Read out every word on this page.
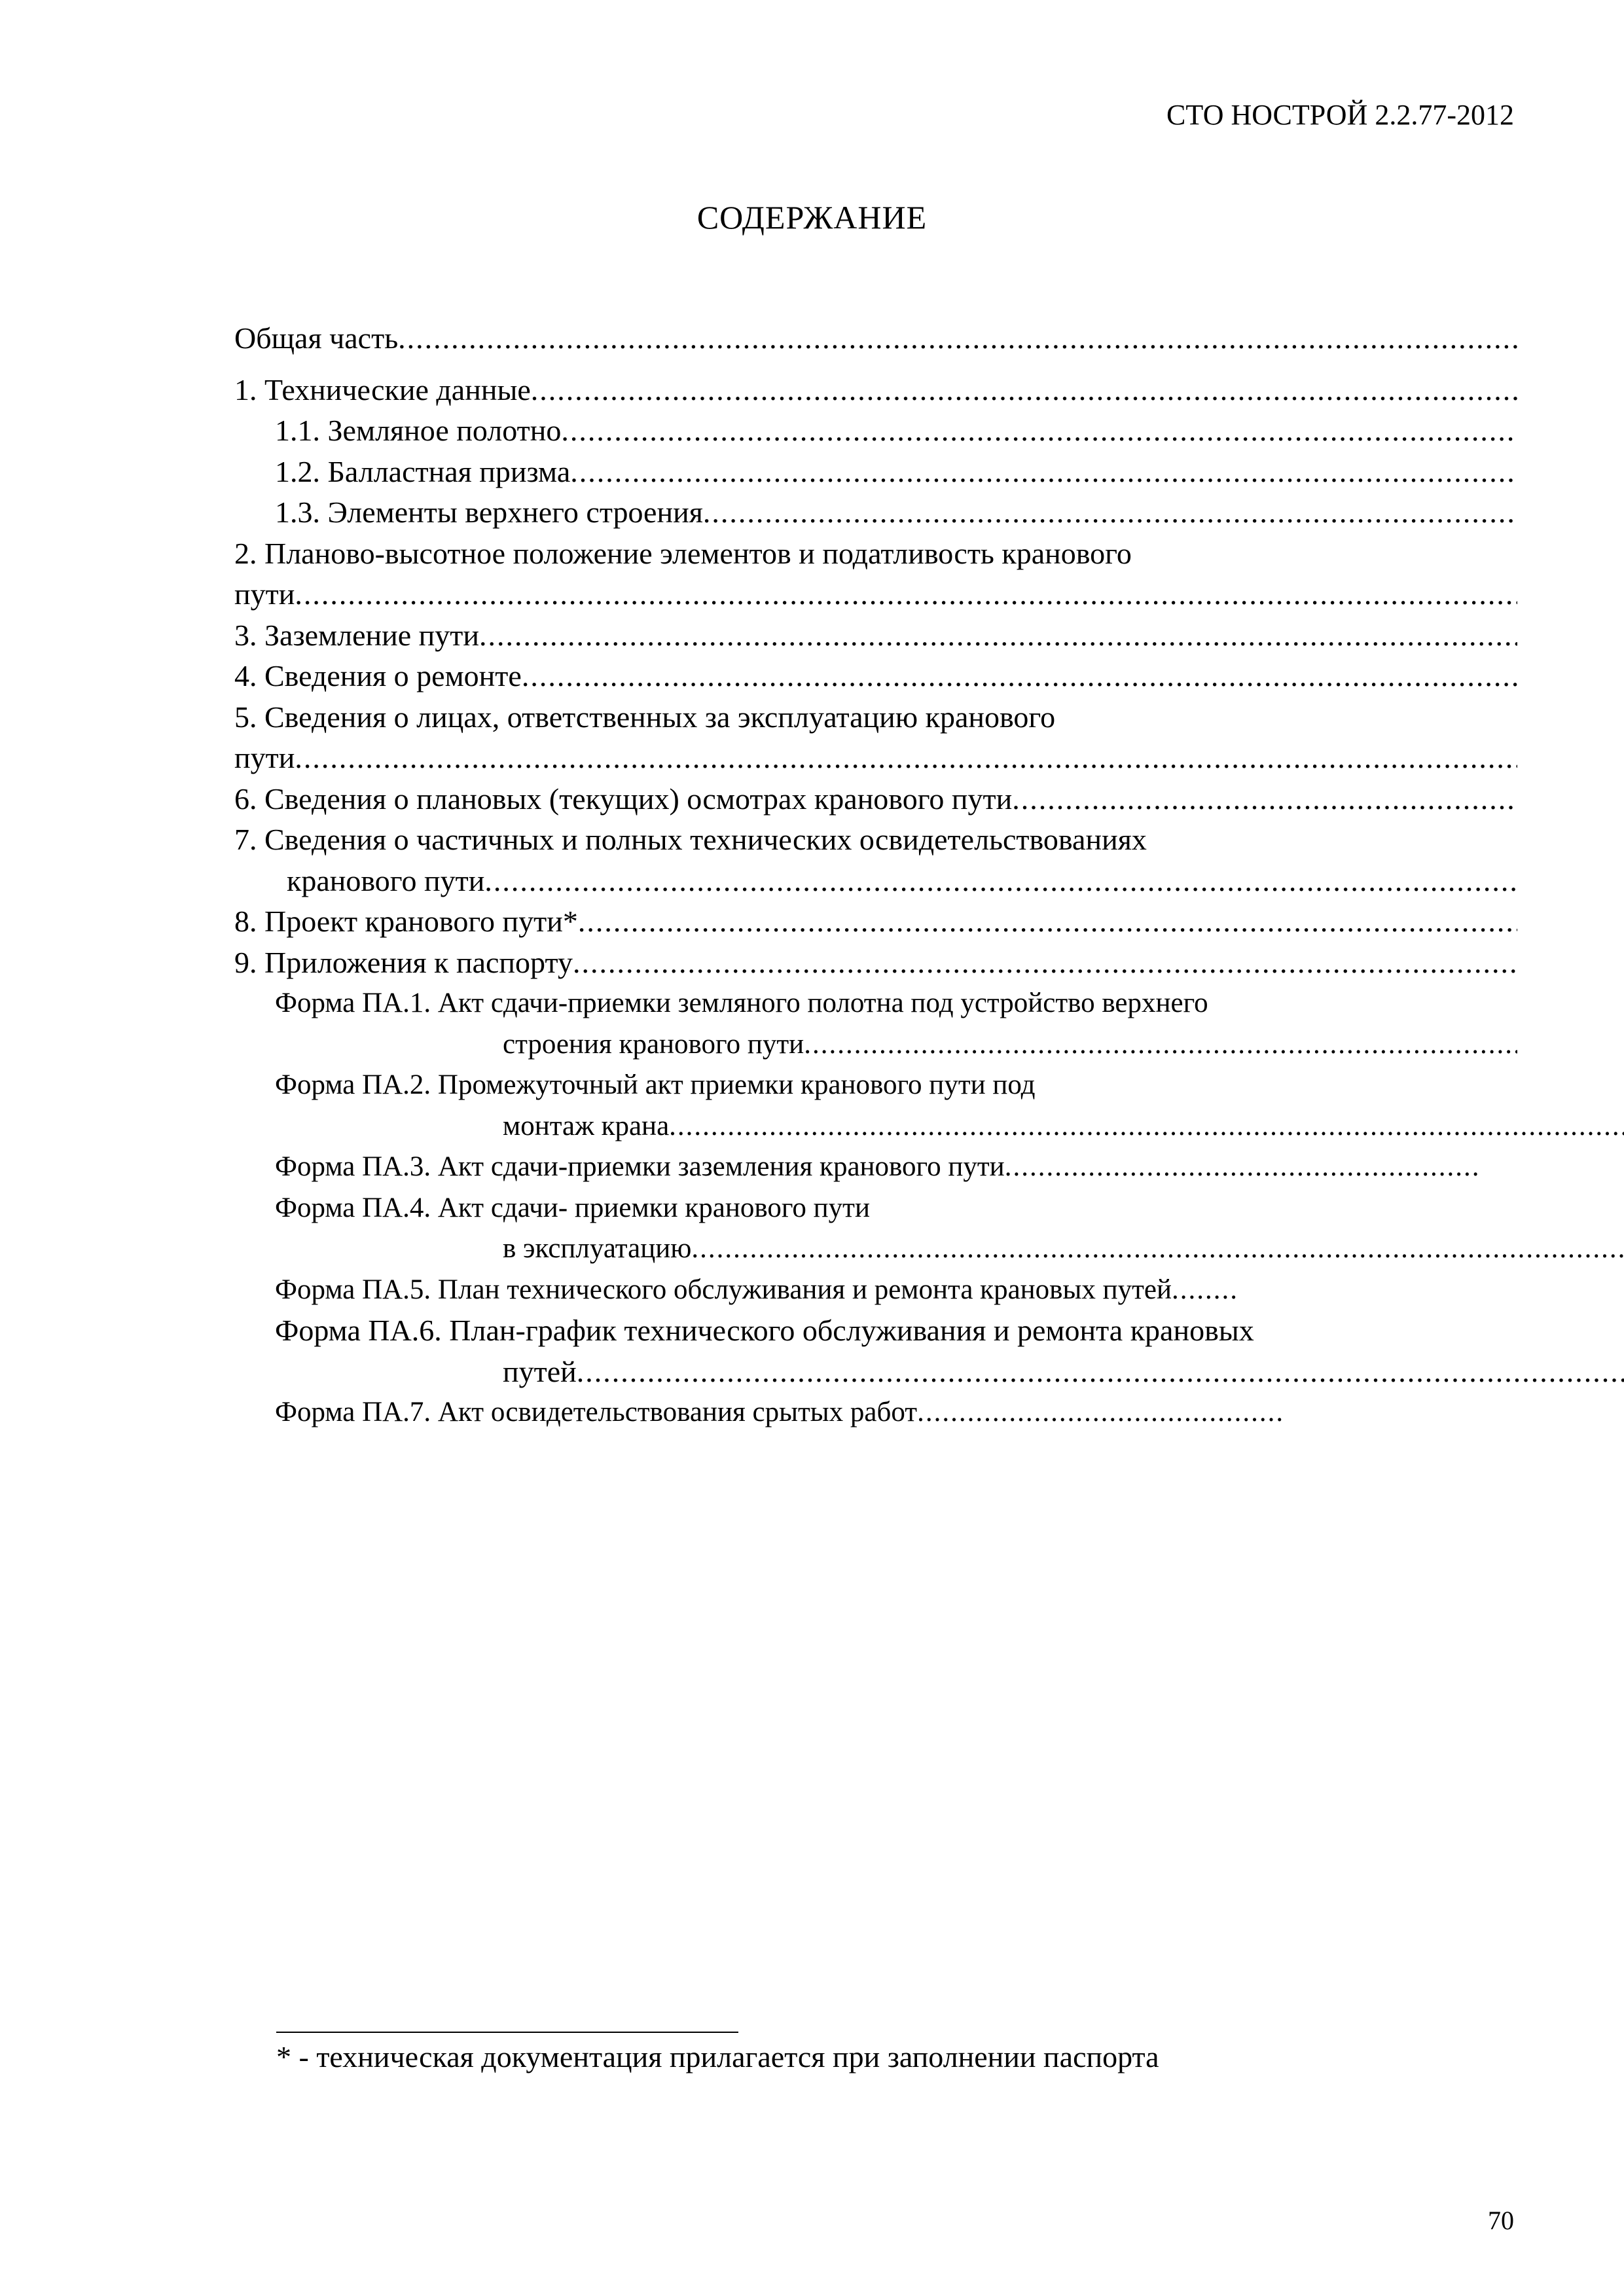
СТО НОСТРОЙ 2.2.77-2012
СОДЕРЖАНИЕ
Общая часть
.....
1. Технические данные
.....
1.1. Земляное полотно
.....
1.2. Балластная призма
.....
1.3. Элементы верхнего строения
.....
2. Планово-высотное положение элементов и податливость кранового
пути
.....
3. Заземление пути
.....
4. Сведения о ремонте
.....
5. Сведения о лицах, ответственных за эксплуатацию кранового
пути
.....
6. Сведения о плановых (текущих) осмотрах кранового пути
.....
7. Сведения о частичных и полных технических освидетельствованиях
кранового пути
.....
8. Проект кранового пути*
.....
9. Приложения к паспорту
.....
Форма ПА.1. Акт сдачи-приемки земляного полотна под устройство верхнего
строения кранового пути
.....
Форма ПА.2. Промежуточный акт приемки кранового пути под
монтаж крана
.....
Форма ПА.3. Акт сдачи-приемки заземления кранового пути
.....
Форма ПА.4. Акт сдачи- приемки кранового пути
в эксплуатацию
.....
Форма ПА.5. План технического обслуживания и ремонта крановых путей
.....
Форма ПА.6. План-график технического обслуживания и ремонта крановых
путей
.....
Форма ПА.7. Акт освидетельствования срытых работ
.....
* - техническая документация прилагается при заполнении паспорта
70
